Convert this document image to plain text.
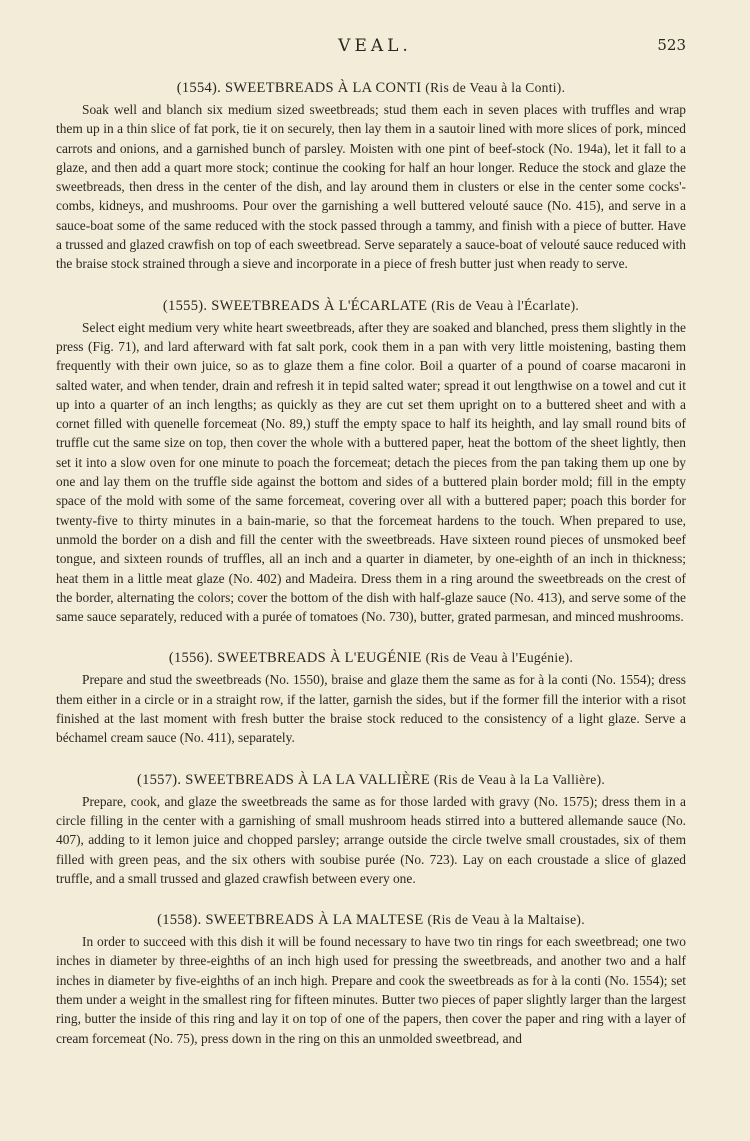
VEAL.	523
(1554). SWEETBREADS À LA CONTI (Ris de Veau à la Conti).

Soak well and blanch six medium sized sweetbreads; stud them each in seven places with truffles and wrap them up in a thin slice of fat pork, tie it on securely, then lay them in a sautoir lined with more slices of pork, minced carrots and onions, and a garnished bunch of parsley. Moisten with one pint of beef-stock (No. 194a), let it fall to a glaze, and then add a quart more stock; continue the cooking for half an hour longer. Reduce the stock and glaze the sweetbreads, then dress in the center of the dish, and lay around them in clusters or else in the center some cocks'-combs, kidneys, and mushrooms. Pour over the garnishing a well buttered velouté sauce (No. 415), and serve in a sauce-boat some of the same reduced with the stock passed through a tammy, and finish with a piece of butter. Have a trussed and glazed crawfish on top of each sweetbread. Serve separately a sauce-boat of velouté sauce reduced with the braise stock strained through a sieve and incorporate in a piece of fresh butter just when ready to serve.

(1555). SWEETBREADS À L'ÉCARLATE (Ris de Veau à l'Écarlate).

Select eight medium very white heart sweetbreads, after they are soaked and blanched, press them slightly in the press (Fig. 71), and lard afterward with fat salt pork, cook them in a pan with very little moistening, basting them frequently with their own juice, so as to glaze them a fine color. Boil a quarter of a pound of coarse macaroni in salted water, and when tender, drain and refresh it in tepid salted water; spread it out lengthwise on a towel and cut it up into a quarter of an inch lengths; as quickly as they are cut set them upright on to a buttered sheet and with a cornet filled with quenelle forcemeat (No. 89,) stuff the empty space to half its heighth, and lay small round bits of truffle cut the same size on top, then cover the whole with a buttered paper, heat the bottom of the sheet lightly, then set it into a slow oven for one minute to poach the forcemeat; detach the pieces from the pan taking them up one by one and lay them on the truffle side against the bottom and sides of a buttered plain border mold; fill in the empty space of the mold with some of the same forcemeat, covering over all with a buttered paper; poach this border for twenty-five to thirty minutes in a bain-marie, so that the forcemeat hardens to the touch. When prepared to use, unmold the border on a dish and fill the center with the sweetbreads. Have sixteen round pieces of unsmoked beef tongue, and sixteen rounds of truffles, all an inch and a quarter in diameter, by one-eighth of an inch in thickness; heat them in a little meat glaze (No. 402) and Madeira. Dress them in a ring around the sweetbreads on the crest of the border, alternating the colors; cover the bottom of the dish with half-glaze sauce (No. 413), and serve some of the same sauce separately, reduced with a purée of tomatoes (No. 730), butter, grated parmesan, and minced mushrooms.

(1556). SWEETBREADS À L'EUGÉNIE (Ris de Veau à l'Eugénie).

Prepare and stud the sweetbreads (No. 1550), braise and glaze them the same as for à la conti (No. 1554); dress them either in a circle or in a straight row, if the latter, garnish the sides, but if the former fill the interior with a risot finished at the last moment with fresh butter the braise stock reduced to the consistency of a light glaze. Serve a béchamel cream sauce (No. 411), separately.

(1557). SWEETBREADS À LA LA VALLIÈRE (Ris de Veau à la La Vallière).

Prepare, cook, and glaze the sweetbreads the same as for those larded with gravy (No. 1575); dress them in a circle filling in the center with a garnishing of small mushroom heads stirred into a buttered allemande sauce (No. 407), adding to it lemon juice and chopped parsley; arrange outside the circle twelve small croustades, six of them filled with green peas, and the six others with soubise purée (No. 723). Lay on each croustade a slice of glazed truffle, and a small trussed and glazed crawfish between every one.

(1558). SWEETBREADS À LA MALTESE (Ris de Veau à la Maltaise).

In order to succeed with this dish it will be found necessary to have two tin rings for each sweetbread; one two inches in diameter by three-eighths of an inch high used for pressing the sweetbreads, and another two and a half inches in diameter by five-eighths of an inch high. Prepare and cook the sweetbreads as for à la conti (No. 1554); set them under a weight in the smallest ring for fifteen minutes. Butter two pieces of paper slightly larger than the largest ring, butter the inside of this ring and lay it on top of one of the papers, then cover the paper and ring with a layer of cream forcemeat (No. 75), press down in the ring on this an unmolded sweetbread, and
